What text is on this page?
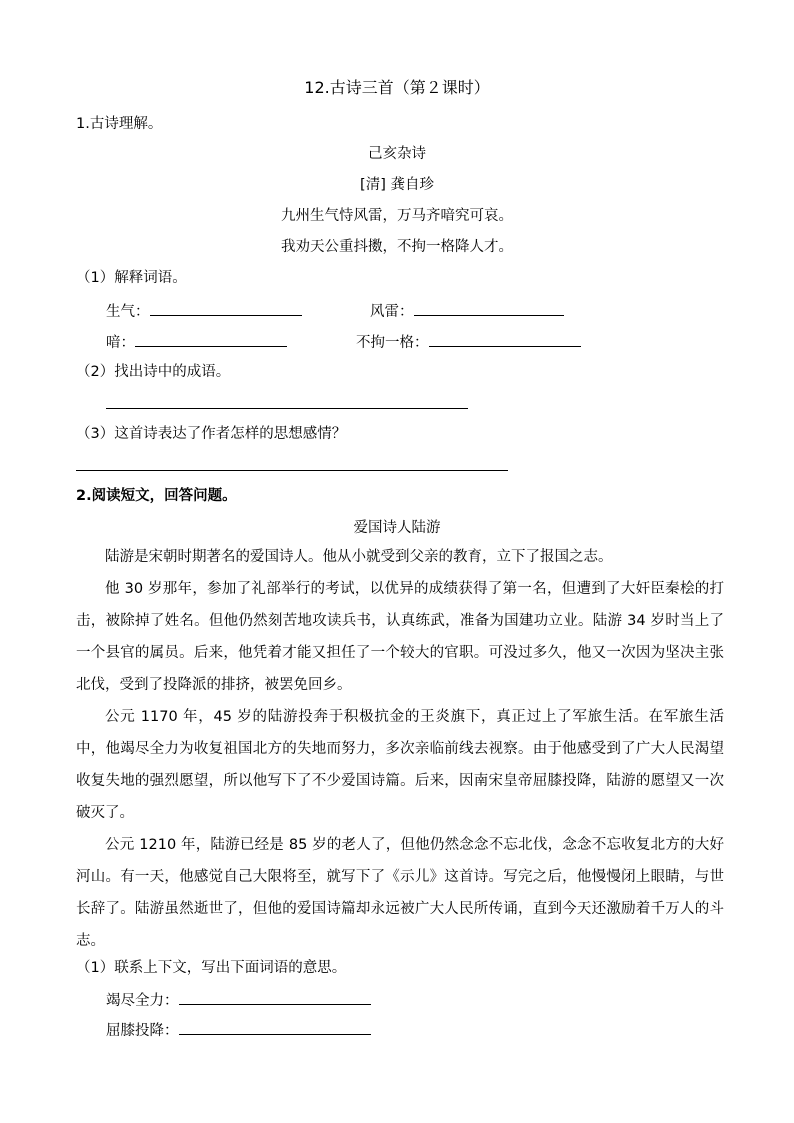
12.古诗三首（第２课时）
1.古诗理解。
己亥杂诗
[清] 龚自珍
九州生气恃风雷，万马齐喑究可哀。
我劝天公重抖擞，不拘一格降人才。
（1）解释词语。
生气：	风雷：
喑：	不拘一格：
（2）找出诗中的成语。
（3）这首诗表达了作者怎样的思想感情？
2.阅读短文，回答问题。
爱国诗人陆游
陆游是宋朝时期著名的爱国诗人。他从小就受到父亲的教育，立下了报国之志。
他 30 岁那年，参加了礼部举行的考试，以优异的成绩获得了第一名，但遭到了大奸臣秦桧的打击，被除掉了姓名。但他仍然刻苦地攻读兵书，认真练武，准备为国建功立业。陆游 34 岁时当上了一个县官的属员。后来，他凭着才能又担任了一个较大的官职。可没过多久，他又一次因为坚决主张北伐，受到了投降派的排挤，被罢免回乡。
公元 1170 年，45 岁的陆游投奔于积极抗金的王炎旗下，真正过上了军旅生活。在军旅生活中，他竭尽全力为收复祖国北方的失地而努力，多次亲临前线去视察。由于他感受到了广大人民渴望收复失地的强烈愿望，所以他写下了不少爱国诗篇。后来，因南宋皇帝屈膝投降，陆游的愿望又一次破灭了。
公元 1210 年，陆游已经是 85 岁的老人了，但他仍然念念不忘北伐，念念不忘收复北方的大好河山。有一天，他感觉自己大限将至，就写下了《示儿》这首诗。写完之后，他慢慢闭上眼睛，与世长辞了。陆游虽然逝世了，但他的爱国诗篇却永远被广大人民所传诵，直到今天还激励着千万人的斗志。
（1）联系上下文，写出下面词语的意思。
竭尽全力：
屈膝投降：
